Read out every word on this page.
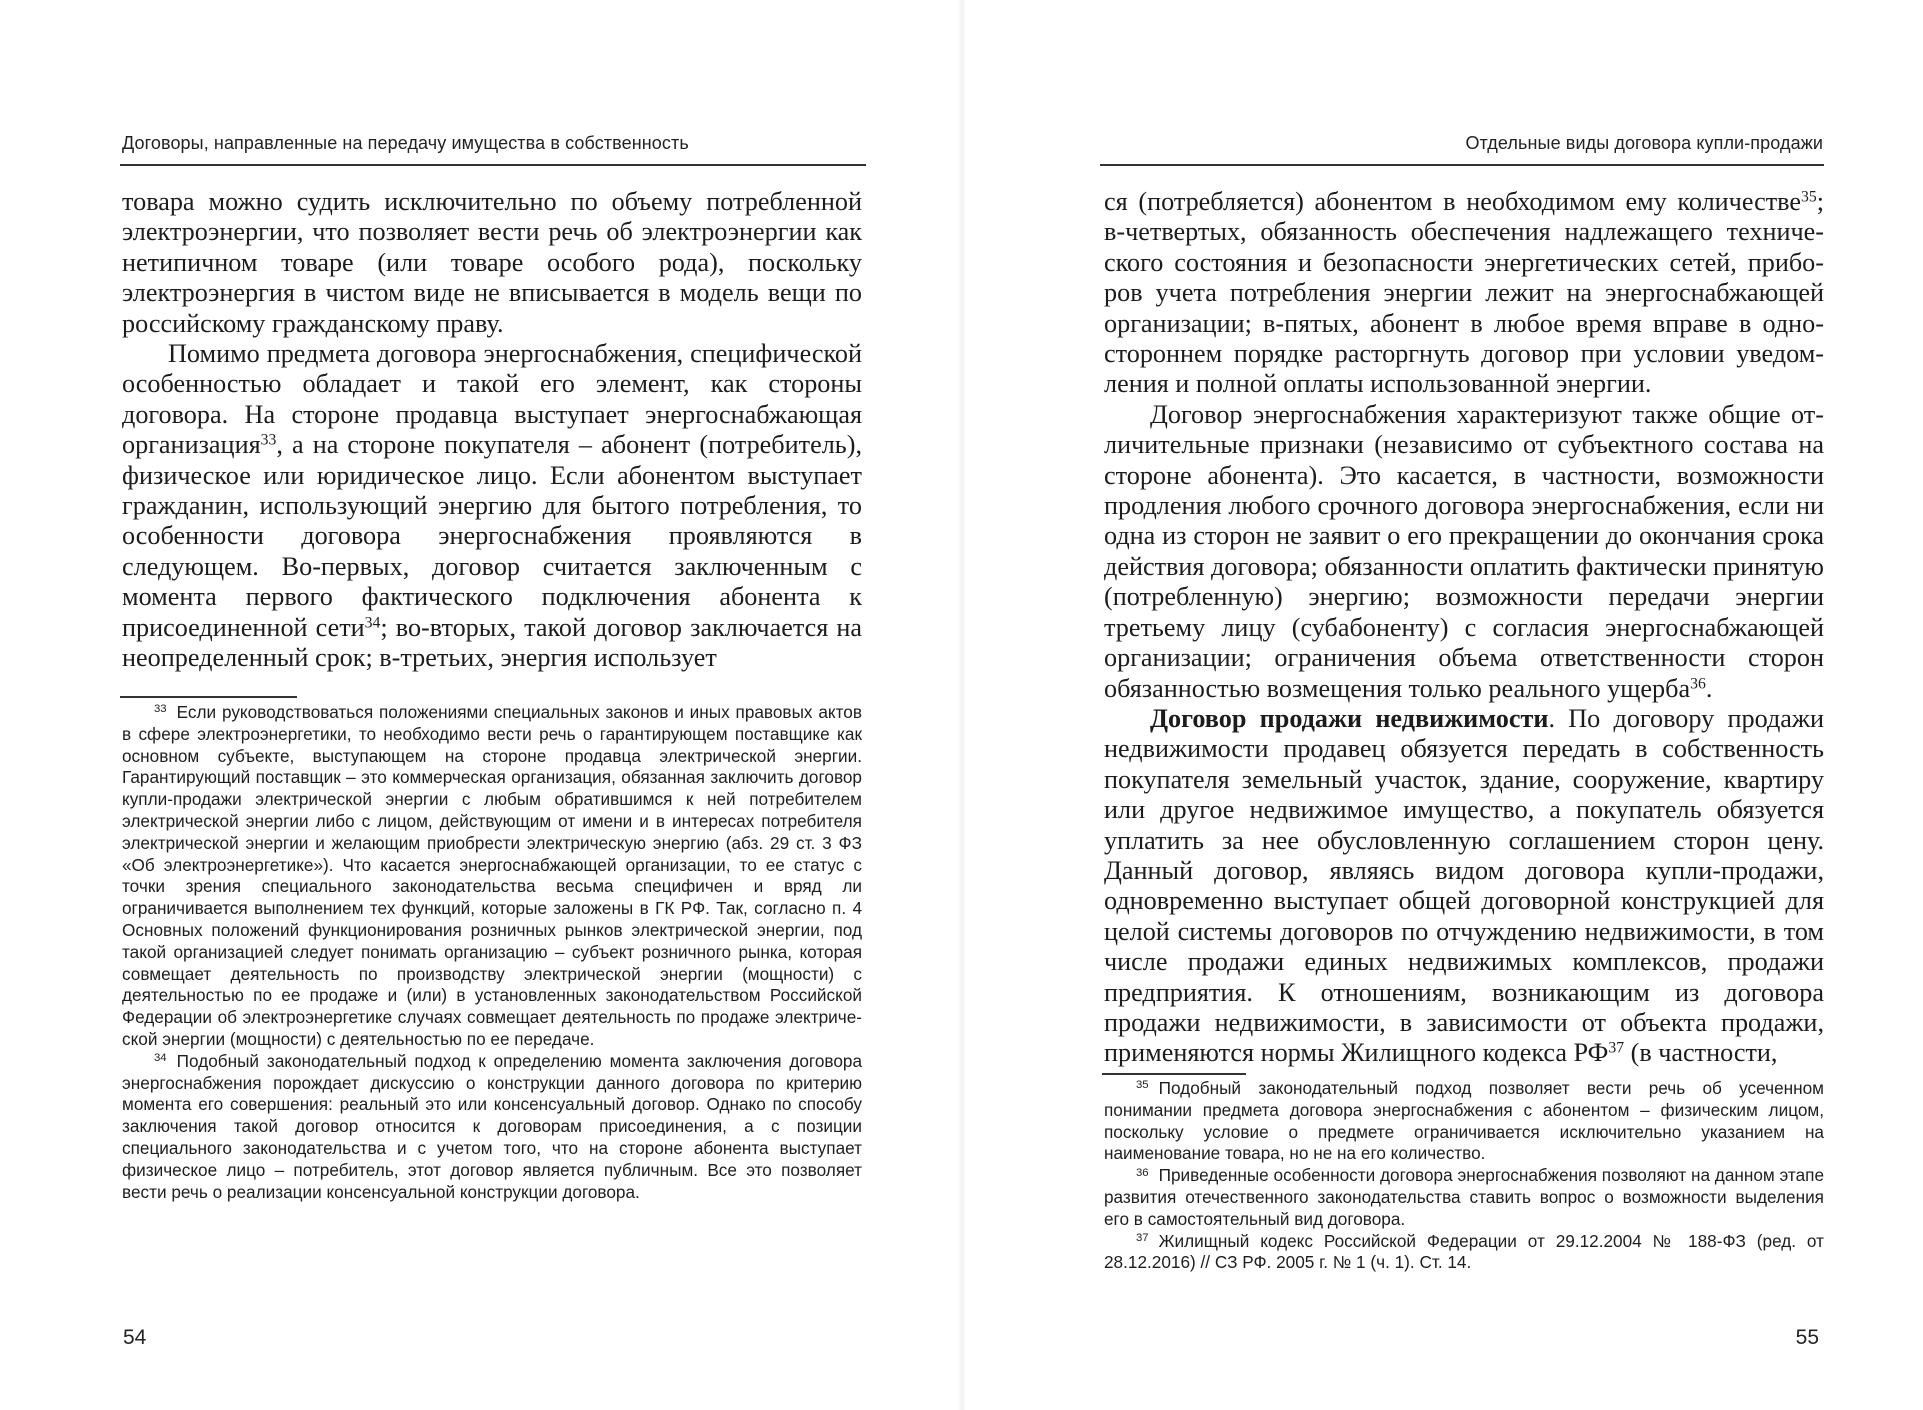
Договоры, направленные на передачу имущества в собственность

товара можно судить исключительно по объему потребленной электроэнергии, что позволяет вести речь об электроэнергии как нетипичном товаре (или товаре особого рода), поскольку электроэнергия в чистом виде не вписывается в модель вещи по российскому гражданскому праву.

Помимо предмета договора энергоснабжения, специфической особенностью обладает и такой его элемент, как стороны договора. На стороне продавца выступает энергоснабжающая организация$^{33}$, а на стороне покупателя – абонент (потребитель), физическое или юридическое лицо. Если абонентом выступает гражданин, использующий энергию для бытого потребления, то особенности договора энергоснабжения проявляются в следующем. Во-первых, договор считается заключенным с момента первого фактического подключения абонента к присоединенной сети$^{34}$; во-вторых, такой договор заключается на неопределенный срок; в-третьих, энергия использует

$^{33}$ Если руководствоваться положениями специальных законов и иных правовых актов в сфере электроэнергетики, то необходимо вести речь о гарантирующем поставщике как основном субъекте, выступающем на стороне продавца электрической энергии. Гарантирующий поставщик – это коммерческая организация, обязанная заключить договор купли-продажи электрической энергии с любым обратившимся к ней потребителем электрической энергии либо с лицом, действующим от имени и в интересах потребителя электрической энергии и желающим приобрести электрическую энергию (абз. 29 ст. 3 ФЗ «Об электроэнергетике»). Что касается энергоснабжающей организации, то ее статус с точки зрения специального законодательства весьма специфичен и вряд ли ограничивается выполнением тех функций, которые заложены в ГК РФ. Так, согласно п. 4 Основных положений функционирования розничных рынков электрической энергии, под такой организацией следует понимать организацию – субъект розничного рынка, которая совмещает деятельность по производству электрической энергии (мощности) с деятельностью по ее продаже и (или) в установленных законодательством Российской Федерации об электроэнергетике случаях совмещает деятельность по продаже электрической энергии (мощности) с деятельностью по ее передаче.

$^{34}$ Подобный законодательный подход к определению момента заключения договора энергоснабжения порождает дискуссию о конструкции данного договора по критерию момента его совершения: реальный это или консенсуальный договор. Однако по способу заключения такой договор относится к договорам присоединения, а с позиции специального законодательства и с учетом того, что на стороне абонента выступает физическое лицо – потребитель, этот договор является публичным. Все это позволяет вести речь о реализации консенсуальной конструкции договора.

54
Отдельные виды договора купли-продажи

ся (потребляется) абонентом в необходимом ему количестве$^{35}$; в-четвертых, обязанность обеспечения надлежащего технического состояния и безопасности энергетических сетей, приборов учета потребления энергии лежит на энергоснабжающей организации; в-пятых, абонент в любое время вправе в одностороннем порядке расторгнуть договор при условии уведомления и полной оплаты использованной энергии.

Договор энергоснабжения характеризуют также общие отличительные признаки (независимо от субъектного состава на стороне абонента). Это касается, в частности, возможности продления любого срочного договора энергоснабжения, если ни одна из сторон не заявит о его прекращении до окончания срока действия договора; обязанности оплатить фактически принятую (потребленную) энергию; возможности передачи энергии третьему лицу (субабоненту) с согласия энергоснабжающей организации; ограничения объема ответственности сторон обязанностью возмещения только реального ущерба$^{36}$.

Договор продажи недвижимости. По договору продажи недвижимости продавец обязуется передать в собственность покупателя земельный участок, здание, сооружение, квартиру или другое недвижимое имущество, а покупатель обязуется уплатить за нее обусловленную соглашением сторон цену. Данный договор, являясь видом договора купли-продажи, одновременно выступает общей договорной конструкцией для целой системы договоров по отчуждению недвижимости, в том числе продажи единых недвижимых комплексов, продажи предприятия. К отношениям, возникающим из договора продажи недвижимости, в зависимости от объекта продажи, применяются нормы Жилищного кодекса РФ$^{37}$ (в частности,

$^{35}$ Подобный законодательный подход позволяет вести речь об усеченном понимании предмета договора энергоснабжения с абонентом – физическим лицом, поскольку условие о предмете ограничивается исключительно указанием на наименование товара, но не на его количество.

$^{36}$ Приведенные особенности договора энергоснабжения позволяют на данном этапе развития отечественного законодательства ставить вопрос о возможности выделения его в самостоятельный вид договора.

$^{37}$ Жилищный кодекс Российской Федерации от 29.12.2004 № 188-ФЗ (ред. от 28.12.2016) // СЗ РФ. 2005 г. № 1 (ч. 1). Ст. 14.

55
